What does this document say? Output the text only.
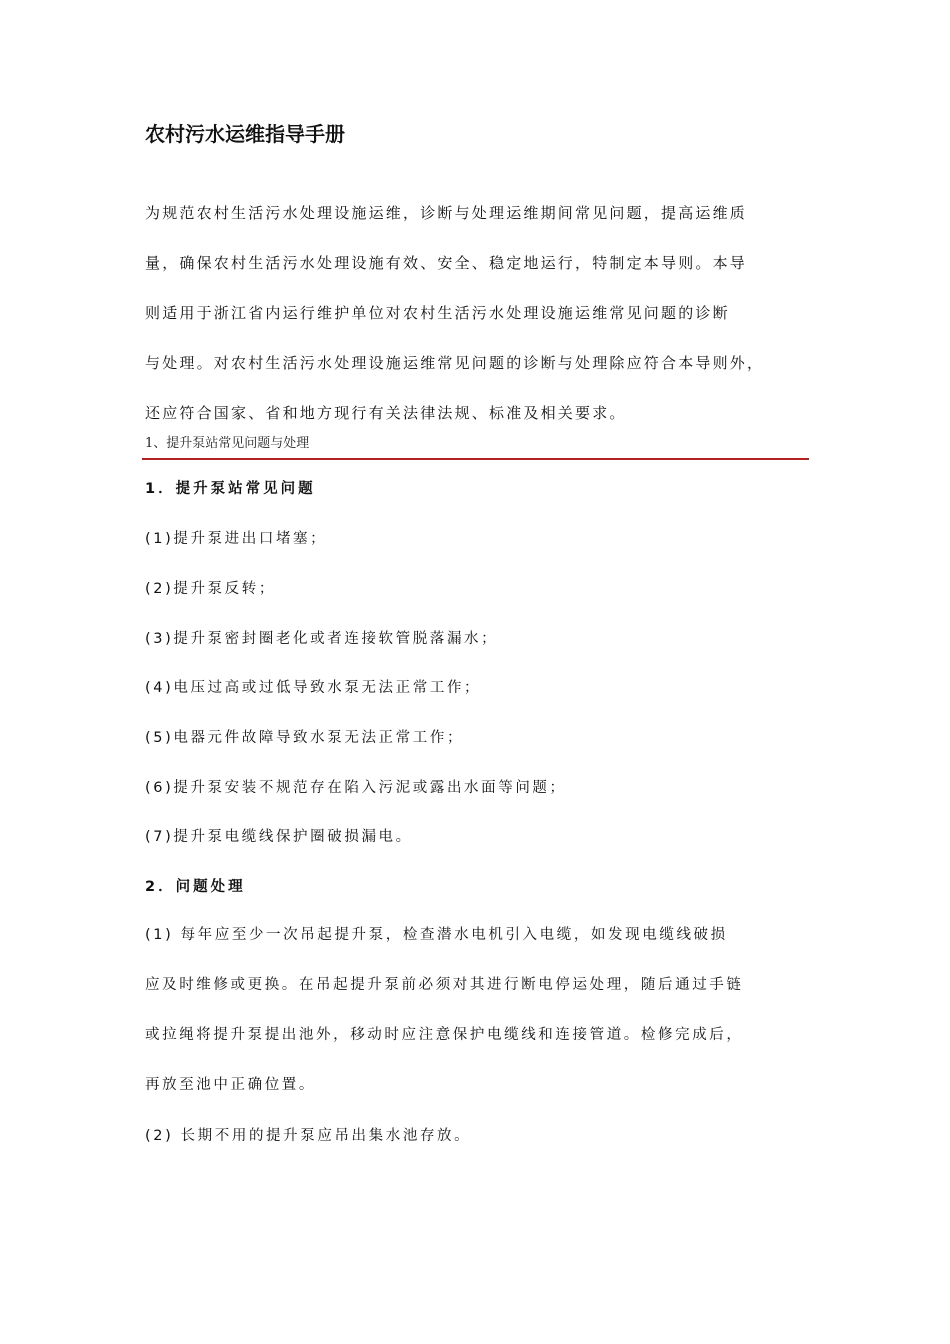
农村污水运维指导手册

为规范农村生活污水处理设施运维，诊断与处理运维期间常见问题，提高运维质
量，确保农村生活污水处理设施有效、安全、稳定地运行，特制定本导则。本导
则适用于浙江省内运行维护单位对农村生活污水处理设施运维常见问题的诊断
与处理。对农村生活污水处理设施运维常见问题的诊断与处理除应符合本导则外，
还应符合国家、省和地方现行有关法律法规、标准及相关要求。

1、提升泵站常见问题与处理
1．提升泵站常见问题
(1)提升泵进出口堵塞；
(2)提升泵反转；
(3)提升泵密封圈老化或者连接软管脱落漏水；
(4)电压过高或过低导致水泵无法正常工作；
(5)电器元件故障导致水泵无法正常工作；
(6)提升泵安装不规范存在陷入污泥或露出水面等问题；
(7)提升泵电缆线保护圈破损漏电。
2．问题处理
(1) 每年应至少一次吊起提升泵，检查潜水电机引入电缆，如发现电缆线破损
应及时维修或更换。在吊起提升泵前必须对其进行断电停运处理，随后通过手链
或拉绳将提升泵提出池外，移动时应注意保护电缆线和连接管道。检修完成后，
再放至池中正确位置。
(2) 长期不用的提升泵应吊出集水池存放。
